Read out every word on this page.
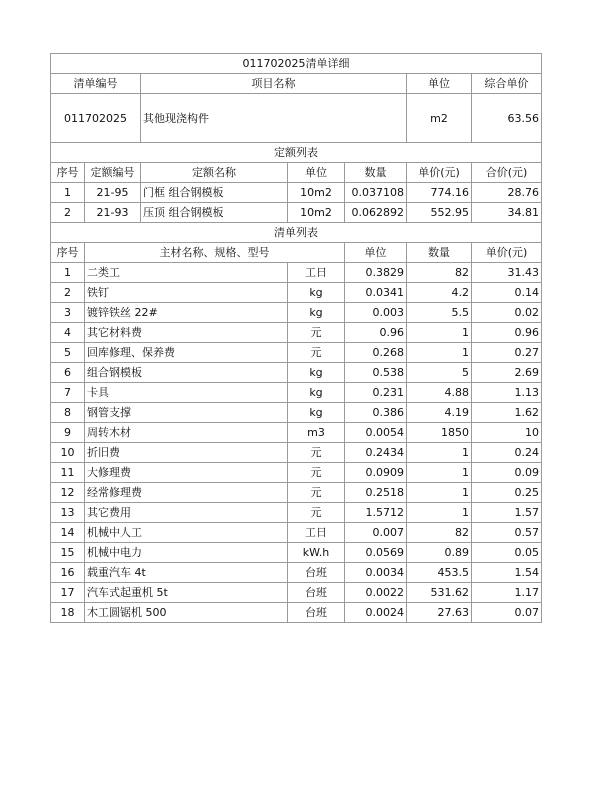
011702025清单详细							
清单编号		项目名称			单位	综合单价	
011702025		其他现浇构件			m2	63.56	
定额列表							
序号	定额编号	定额名称	单位	数量	单价(元)	合价(元)	
1	21-95	门框 组合钢模板	10m2	0.037108	774.16	28.76	
2	21-93	压顶 组合钢模板	10m2	0.062892	552.95	34.81	
清单列表							
序号	主材名称、规格、型号			单位	数量	单价(元)	
1	二类工		工日	0.3829	82	31.43	
2	铁钉		kg	0.0341	4.2	0.14	
3	镀锌铁丝 22#		kg	0.003	5.5	0.02	
4	其它材料费		元	0.96	1	0.96	
5	回库修理、保养费		元	0.268	1	0.27	
6	组合钢模板		kg	0.538	5	2.69	
7	卡具		kg	0.231	4.88	1.13	
8	钢管支撑		kg	0.386	4.19	1.62	
9	周转木材		m3	0.0054	1850	10	
10	折旧费		元	0.2434	1	0.24	
11	大修理费		元	0.0909	1	0.09	
12	经常修理费		元	0.2518	1	0.25	
13	其它费用		元	1.5712	1	1.57	
14	机械中人工		工日	0.007	82	0.57	
15	机械中电力		kW.h	0.0569	0.89	0.05	
16	载重汽车 4t		台班	0.0034	453.5	1.54	
17	汽车式起重机 5t		台班	0.0022	531.62	1.17	
18	木工圆锯机 500		台班	0.0024	27.63	0.07	
